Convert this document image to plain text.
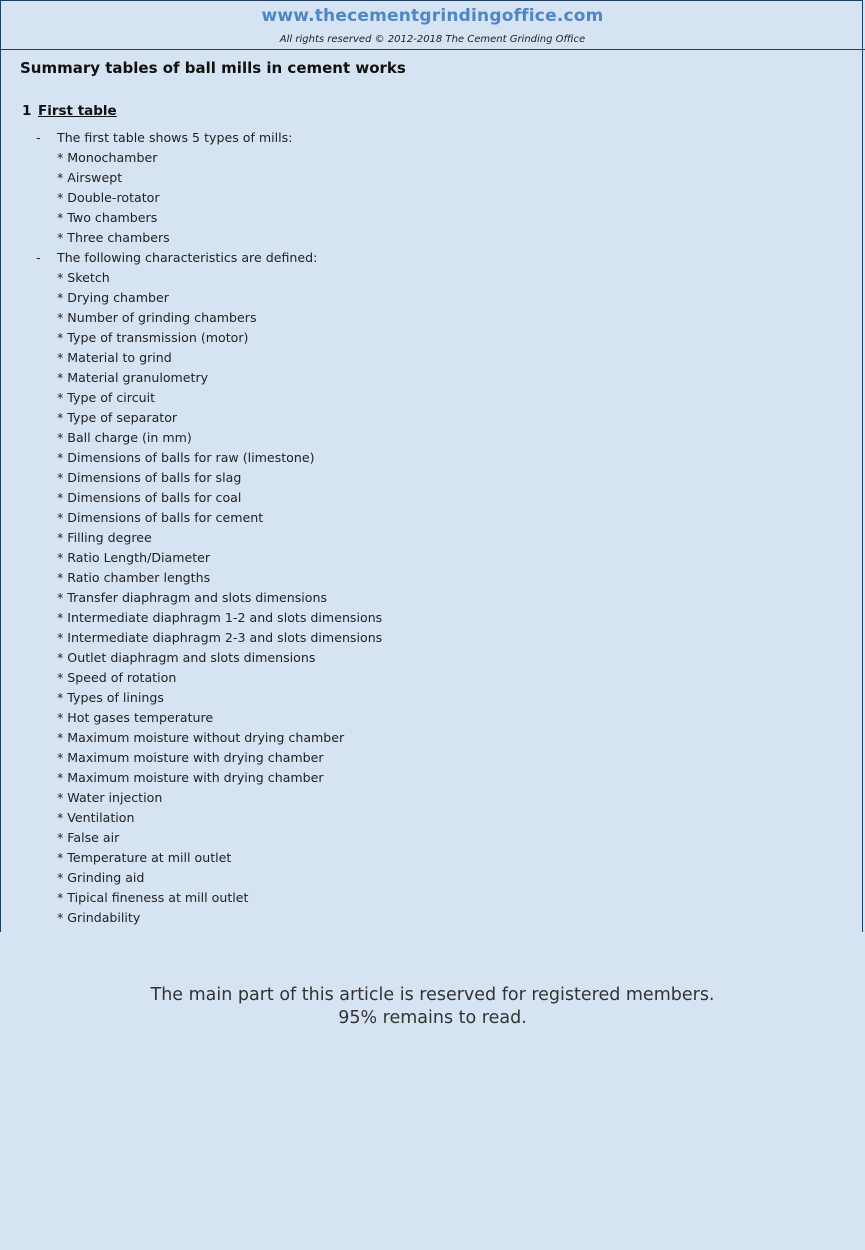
www.thecementgrindingoffice.com
All rights reserved © 2012-2018 The Cement Grinding Office
Summary tables of ball mills in cement works
1 First table
-	The first table shows 5 types of mills:
* Monochamber
* Airswept
* Double-rotator
* Two chambers
* Three chambers
-	The following characteristics are defined:
* Sketch
* Drying chamber
* Number of grinding chambers
* Type of transmission (motor)
* Material to grind
* Material granulometry
* Type of circuit
* Type of separator
* Ball charge (in mm)
* Dimensions of balls for raw (limestone)
* Dimensions of balls for slag
* Dimensions of balls for coal
* Dimensions of balls for cement
* Filling degree
* Ratio Length/Diameter
* Ratio chamber lengths
* Transfer diaphragm and slots dimensions
* Intermediate diaphragm 1-2 and slots dimensions
* Intermediate diaphragm 2-3 and slots dimensions
* Outlet diaphragm and slots dimensions
* Speed of rotation
* Types of linings
* Hot gases temperature
* Maximum moisture without drying chamber
* Maximum moisture with drying chamber
* Maximum moisture with drying chamber
* Water injection
* Ventilation
* False air
* Temperature at mill outlet
* Grinding aid
* Tipical fineness at mill outlet
* Grindability
The main part of this article is reserved for registered members.
95% remains to read.
